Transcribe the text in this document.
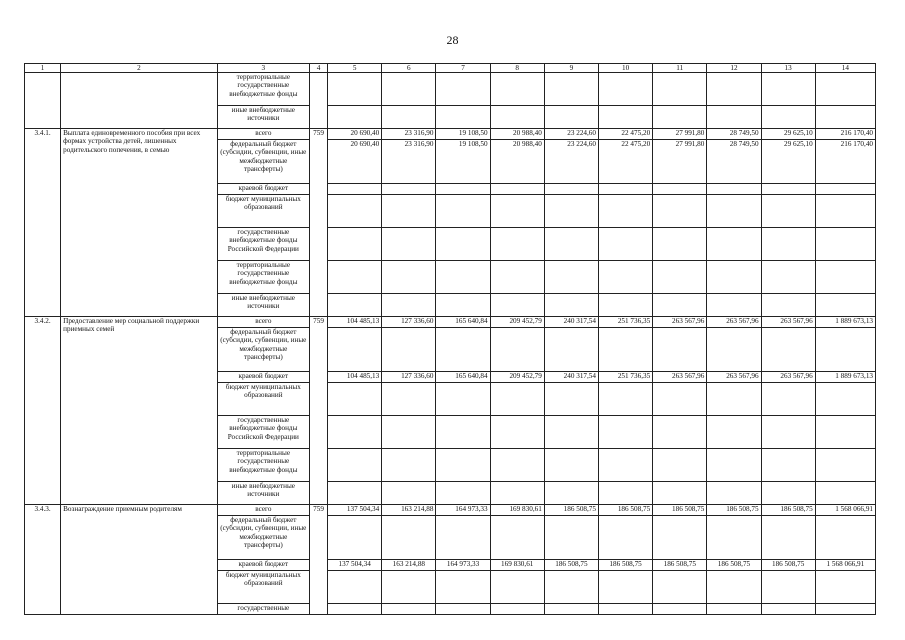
28
1	2	3	4	5	6	7	8	9	10	11	12	13	14
		территориальные государственные внебюджетные фонды											
		иные внебюджетные источники											
3.4.1.	Выплата единовременного пособия при всех формах устройства детей, лишенных родительского попечения, в семью	всего	759	20 690,40	23 316,90	19 108,50	20 988,40	23 224,60	22 475,20	27 991,80	28 749,50	29 625,10	216 170,40
		федеральный бюджет (субсидии, субвенции, иные межбюджетные трансферты)		20 690,40	23 316,90	19 108,50	20 988,40	23 224,60	22 475,20	27 991,80	28 749,50	29 625,10	216 170,40
		краевой бюджет											
		бюджет муниципальных образований											
		государственные внебюджетные фонды Российской Федерации											
		территориальные государственные внебюджетные фонды											
		иные внебюджетные источники											
3.4.2.	Предоставление мер социальной поддержки приемных семей	всего	759	104 485,13	127 336,60	165 640,84	209 452,79	240 317,54	251 736,35	263 567,96	263 567,96	263 567,96	1 889 673,13
		федеральный бюджет (субсидии, субвенции, иные межбюджетные трансферты)											
		краевой бюджет		104 485,13	127 336,60	165 640,84	209 452,79	240 317,54	251 736,35	263 567,96	263 567,96	263 567,96	1 889 673,13
		бюджет муниципальных образований											
		государственные внебюджетные фонды Российской Федерации											
		территориальные государственные внебюджетные фонды											
		иные внебюджетные источники											
3.4.3.	Вознаграждение приемным родителям	всего	759	137 504,34	163 214,88	164 973,33	169 830,61	186 508,75	186 508,75	186 508,75	186 508,75	186 508,75	1 568 066,91
		федеральный бюджет (субсидии, субвенции, иные межбюджетные трансферты)											
		краевой бюджет		137 504,34	163 214,88	164 973,33	169 830,61	186 508,75	186 508,75	186 508,75	186 508,75	186 508,75	1 568 066,91
		бюджет муниципальных образований											
		государственные											
